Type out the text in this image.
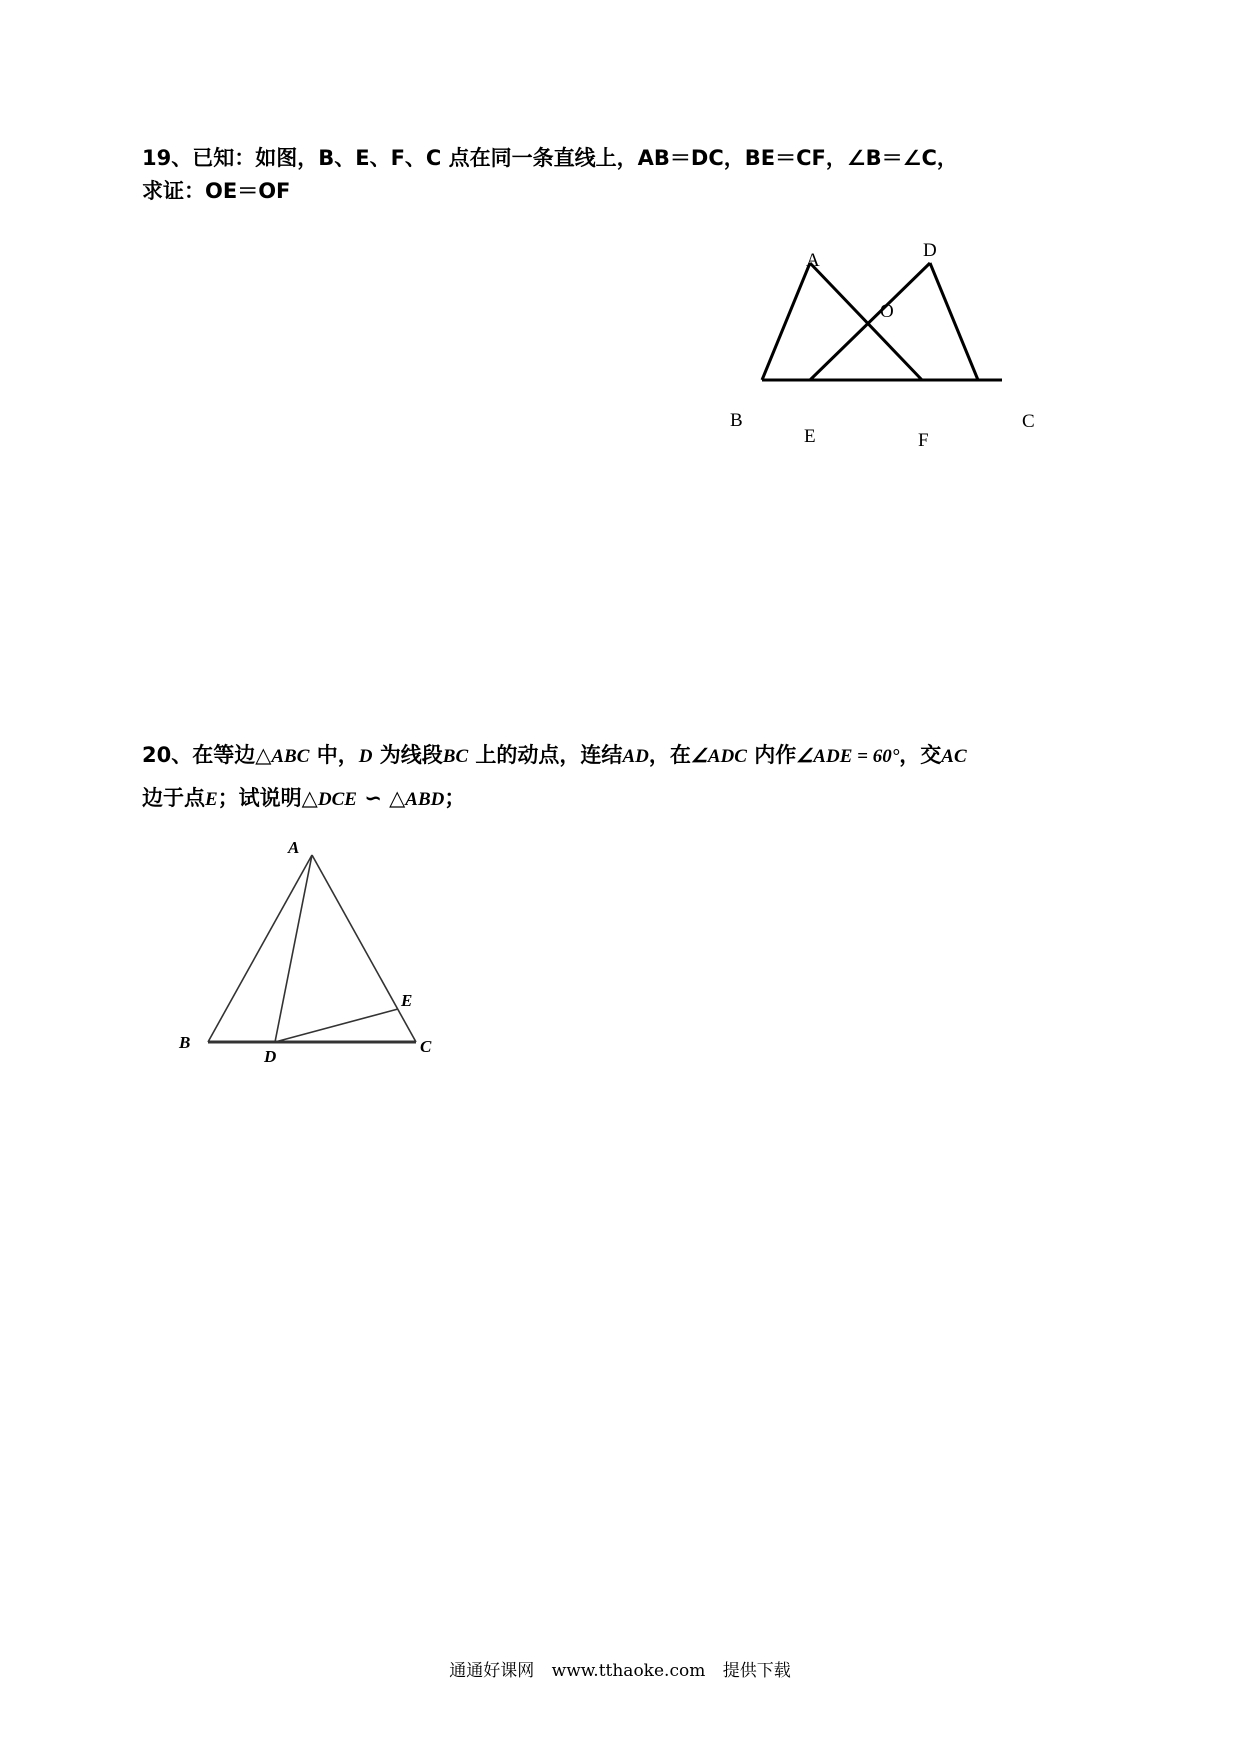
19、已知：如图，B、E、F、C 点在同一条直线上，AB＝DC，BE＝CF，∠B＝∠C，
求证：OE＝OF
A	D
O
B
E	F
C
20、在等边△ABC 中，D 为线段BC 上的动点，连结AD，在∠ADC 内作∠ADE = 60°，交AC
边于点E；试说明△DCE ∽ △ABD；
A
B
D
C
E
通通好课网 www.tthaoke.com 提供下载
